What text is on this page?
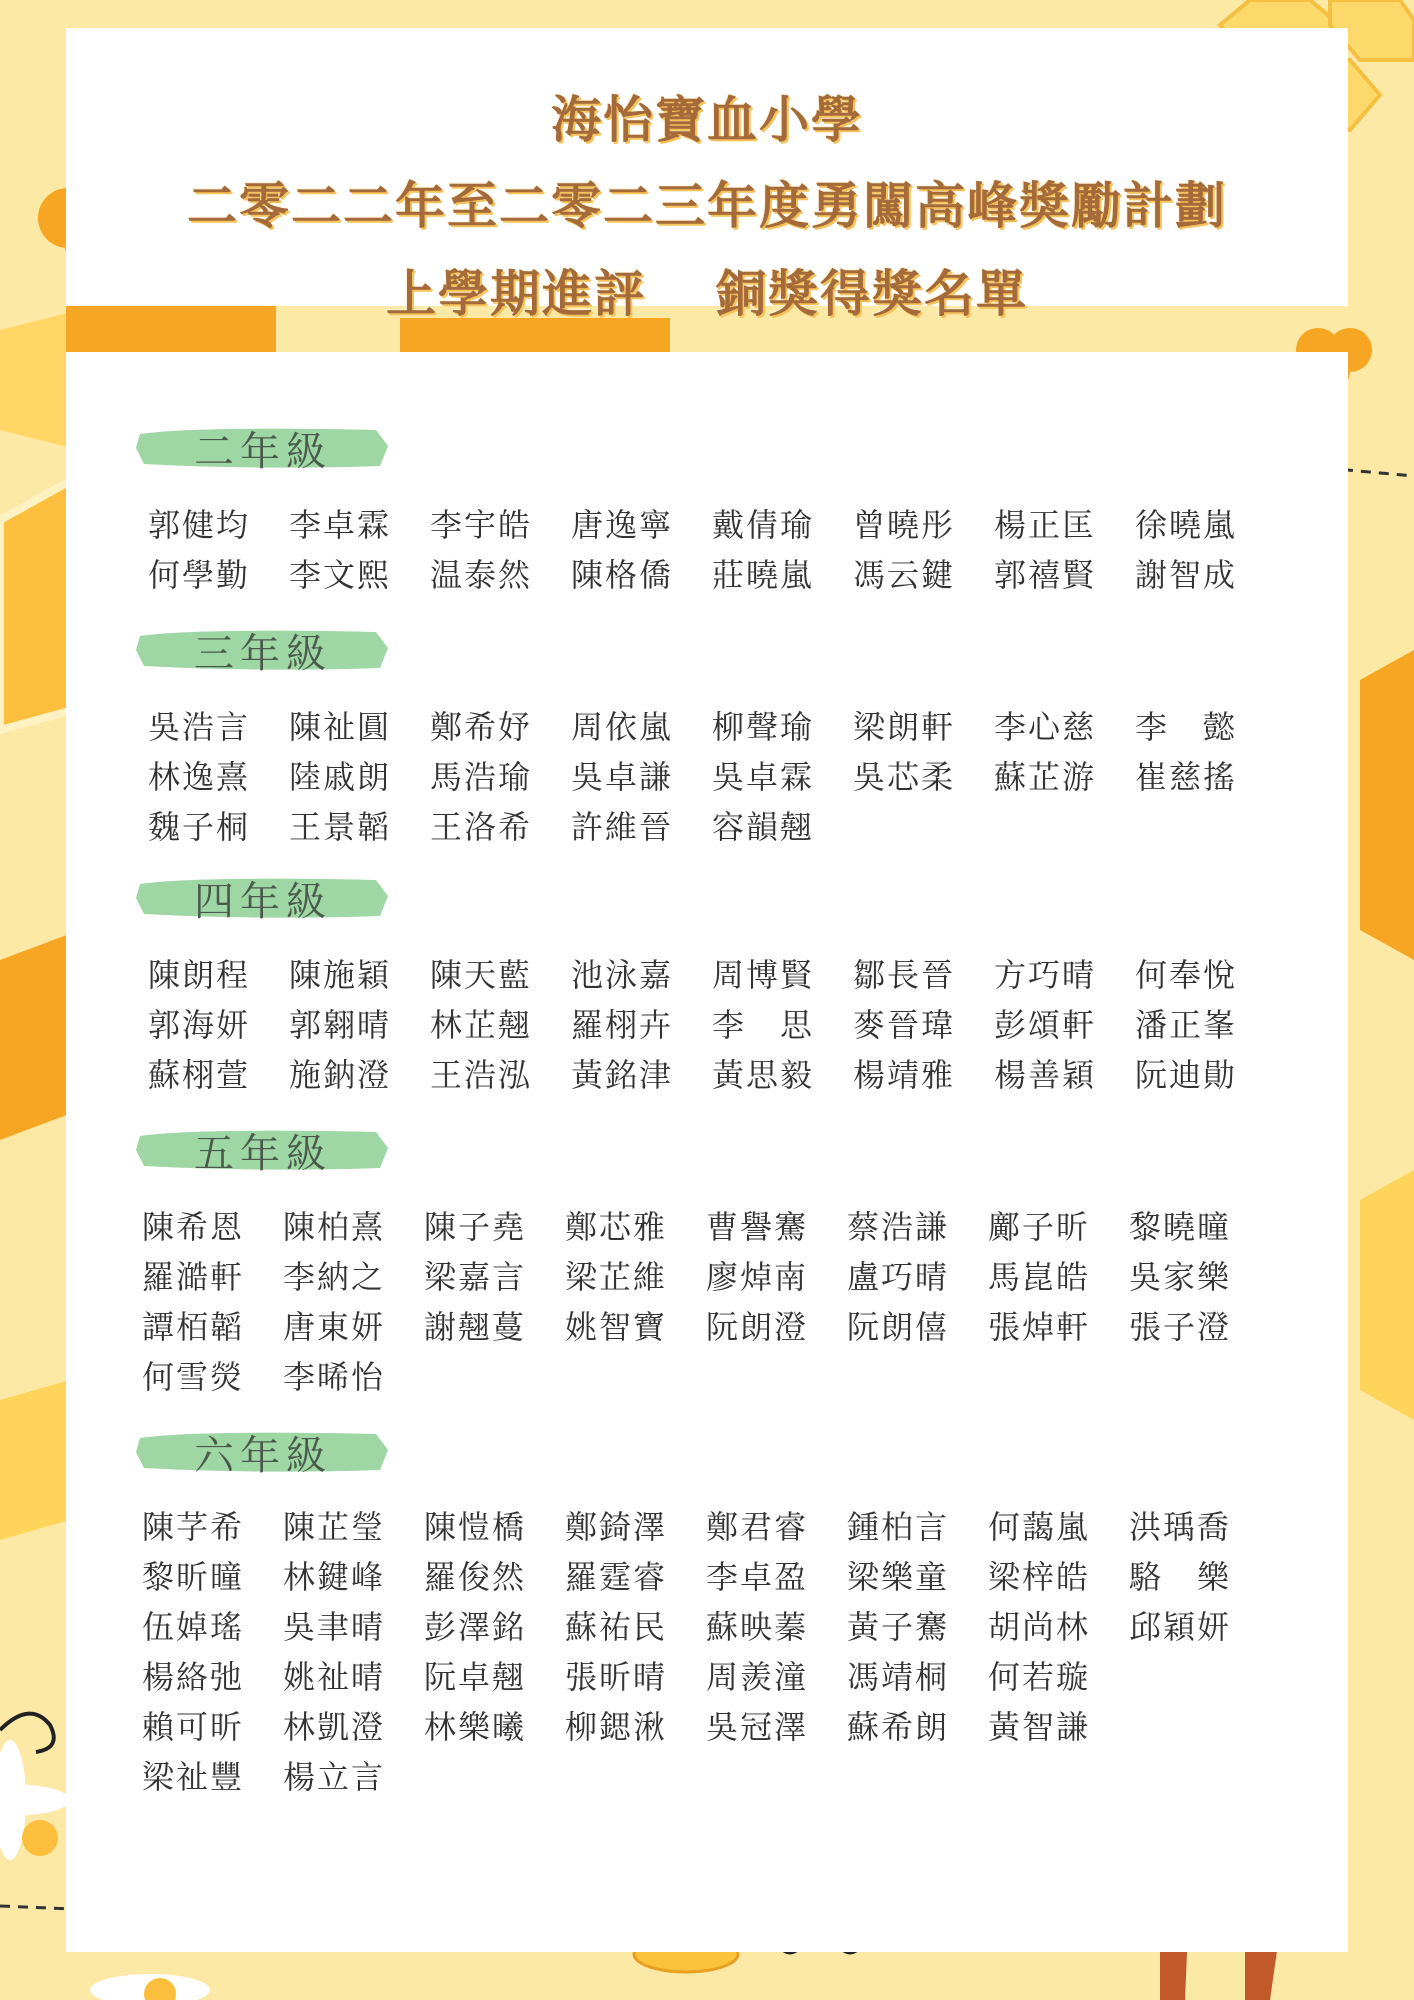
海怡寶血小學
二零二二年至二零二三年度勇闖高峰獎勵計劃
上學期進評 銅獎得獎名單
二年級
郭健均	李卓霖	李宇皓	唐逸寧	戴倩瑜	曾曉彤	楊正匡	徐曉嵐
何學勤	李文熙	温泰然	陳格僑	莊曉嵐	馮云鍵	郭禧賢	謝智成
三年級
吳浩言	陳祉圓	鄭希妤	周依嵐	柳聲瑜	梁朗軒	李心慈	李　懿
林逸熹	陸戚朗	馬浩瑜	吳卓謙	吳卓霖	吳芯柔	蘇芷游	崔慈搖
魏子桐	王景韜	王洛希	許維晉	容韻翹
四年級
陳朗程	陳施穎	陳天藍	池泳嘉	周博賢	鄒長晉	方巧晴	何奉悅
郭海妍	郭翱晴	林芷翹	羅栩卉	李　思	麥晉瑋	彭頌軒	潘正峯
蘇栩萱	施鈉澄	王浩泓	黃銘津	黃思毅	楊靖雅	楊善穎	阮迪勛
五年級
陳希恩	陳柏熹	陳子堯	鄭芯雅	曹譽騫	蔡浩謙	鄺子昕	黎曉曈
羅澔軒	李納之	梁嘉言	梁芷維	廖焯南	盧巧晴	馬崑皓	吳家樂
譚栢韜	唐東妍	謝翹蔓	姚智寶	阮朗澄	阮朗僖	張焯軒	張子澄
何雪熒	李晞怡
六年級
陳芓希	陳芷瑩	陳愷橋	鄭錡澤	鄭君睿	鍾柏言	何藹嵐	洪瑀喬
黎昕曈	林鍵峰	羅俊然	羅霆睿	李卓盈	梁樂童	梁梓皓	駱　樂
伍婥瑤	吳聿晴	彭澤銘	蘇祐民	蘇映蓁	黃子騫	胡尚林	邱穎妍
楊絡弛	姚祉晴	阮卓翹	張昕晴	周羨潼	馮靖桐	何若璇
賴可昕	林凱澄	林樂曦	柳鍶湫	吳冠澤	蘇希朗	黃智謙
梁祉豐	楊立言
